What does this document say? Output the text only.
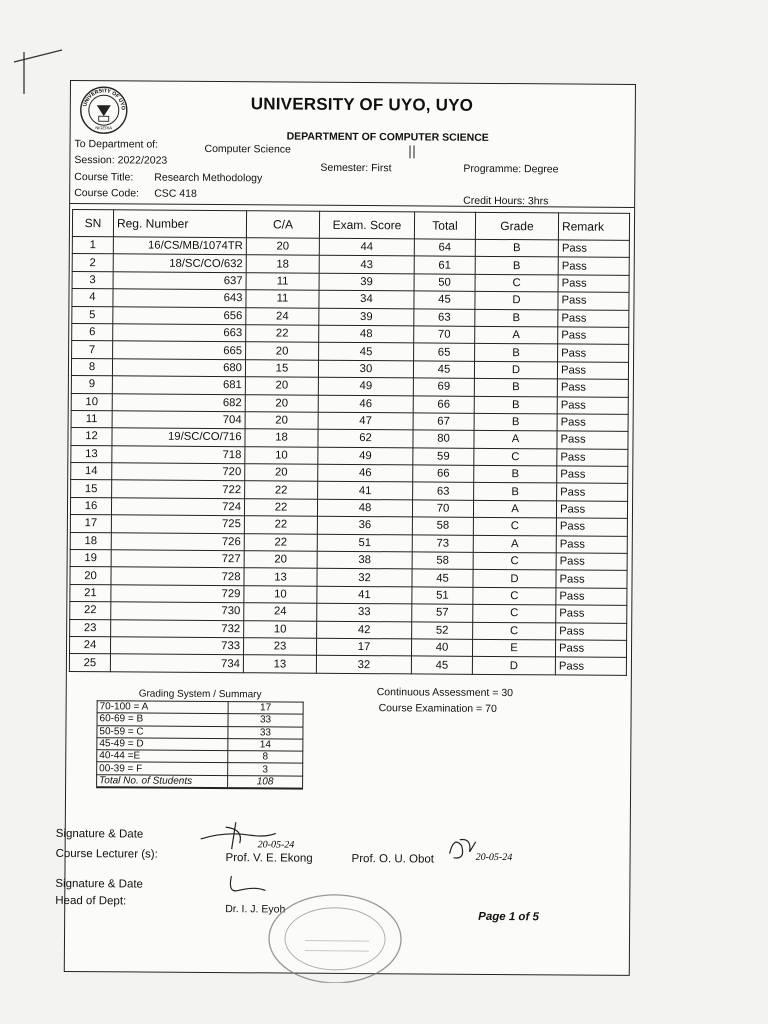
UNIVERSITY OF UYO
NIGERIA
UNIVERSITY OF UYO, UYO
DEPARTMENT OF COMPUTER SCIENCE
To Department of:	Computer Science
Session: 2022/2023
Semester: First	Programme: Degree
Course Title: Research Methodology
Course Code: CSC 418
Credit Hours: 3hrs
SN	Reg. Number	C/A	Exam. Score	Total	Grade	Remark
1	16/CS/MB/1074TR	20	44	64	B	Pass
2	18/SC/CO/632	18	43	61	B	Pass
3	637	11	39	50	C	Pass
4	643	11	34	45	D	Pass
5	656	24	39	63	B	Pass
6	663	22	48	70	A	Pass
7	665	20	45	65	B	Pass
8	680	15	30	45	D	Pass
9	681	20	49	69	B	Pass
10	682	20	46	66	B	Pass
11	704	20	47	67	B	Pass
12	19/SC/CO/716	18	62	80	A	Pass
13	718	10	49	59	C	Pass
14	720	20	46	66	B	Pass
15	722	22	41	63	B	Pass
16	724	22	48	70	A	Pass
17	725	22	36	58	C	Pass
18	726	22	51	73	A	Pass
19	727	20	38	58	C	Pass
20	728	13	32	45	D	Pass
21	729	10	41	51	C	Pass
22	730	24	33	57	C	Pass
23	732	10	42	52	C	Pass
24	733	23	17	40	E	Pass
25	734	13	32	45	D	Pass
Grading System / Summary
70-100 = A	17
60-69 = B	33
50-59 = C	33
45-49 = D	14
40-44 =E	8
00-39 = F	3
Total No. of Students	108
Continuous Assessment = 30
Course Examination = 70
Signature & Date
Course Lecturer (s):	Prof. V. E. Ekong	Prof. O. U. Obot
20-05-24
20-05-24
Signature & Date
Head of Dept:
Dr. I. J. Eyoh
Page 1 of 5
